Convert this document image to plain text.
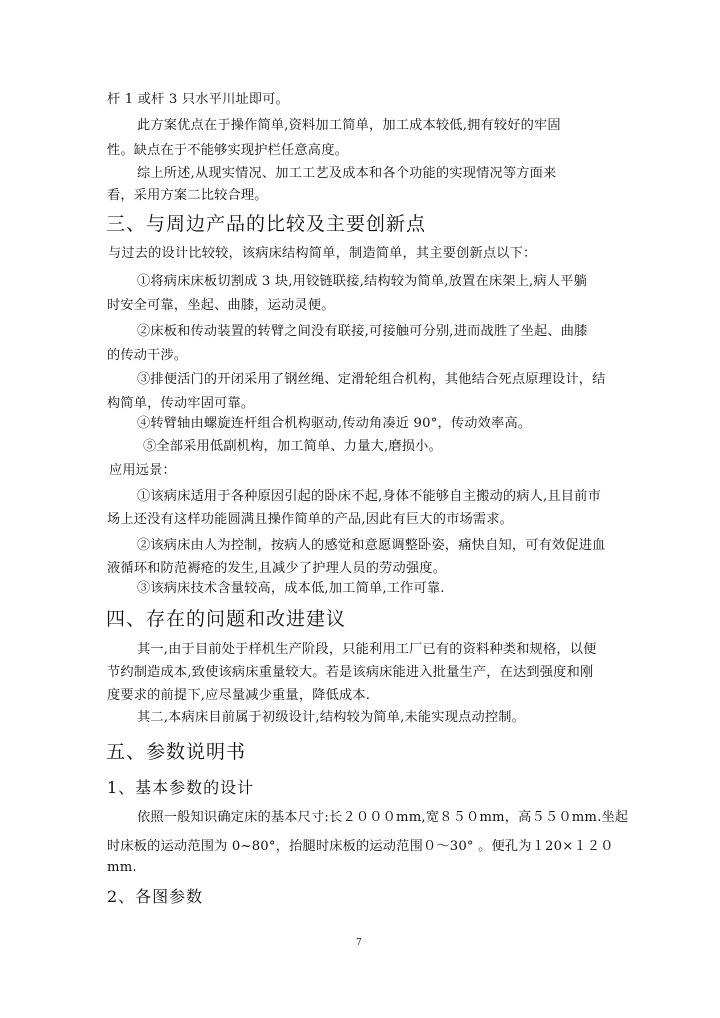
杆 1 或杆 3 只水平川址即可。
此方案优点在于操作简单,资料加工简单，加工成本较低,拥有较好的牢固
性。缺点在于不能够实现护栏任意高度。
综上所述,从现实情况、加工工艺及成本和各个功能的实现情况等方面来
看，采用方案二比较合理。
三、与周边产品的比较及主要创新点
与过去的设计比较较，该病床结构简单，制造简单，其主要创新点以下：
①将病床床板切割成 3 块,用铰链联接,结构较为简单,放置在床架上,病人平躺
时安全可靠，坐起、曲膝，运动灵便。
②床板和传动装置的转臂之间没有联接,可接触可分别,进而战胜了坐起、曲膝
的传动干涉。
③排便活门的开闭采用了钢丝绳、定滑轮组合机构，其他结合死点原理设计，结
构简单，传动牢固可靠。
④转臂轴由螺旋连杆组合机构驱动,传动角凑近 90°，传动效率高。
⑤全部采用低副机构，加工简单、力量大,磨损小。
应用远景：
①该病床适用于各种原因引起的卧床不起,身体不能够自主搬动的病人,且目前市
场上还没有这样功能圆满且操作简单的产品,因此有巨大的市场需求。
②该病床由人为控制，按病人的感觉和意愿调整卧姿，痛快自知，可有效促进血
液循环和防范褥疮的发生,且减少了护理人员的劳动强度。
③该病床技术含量较高，成本低,加工简单,工作可靠.
四、存在的问题和改进建议
其一,由于目前处于样机生产阶段，只能利用工厂已有的资料种类和规格，以便
节约制造成本,致使该病床重量较大。若是该病床能进入批量生产，在达到强度和刚
度要求的前提下,应尽量减少重量，降低成本.
其二,本病床目前属于初级设计,结构较为简单,未能实现点动控制。
五、参数说明书
1、基本参数的设计
依照一般知识确定床的基本尺寸:长２０００mm,宽８５０mm，高５５０mm.坐起
时床板的运动范围为 0~80°，抬腿时床板的运动范围０～30° 。便孔为１20×１２０
mm.
2、各图参数
7
